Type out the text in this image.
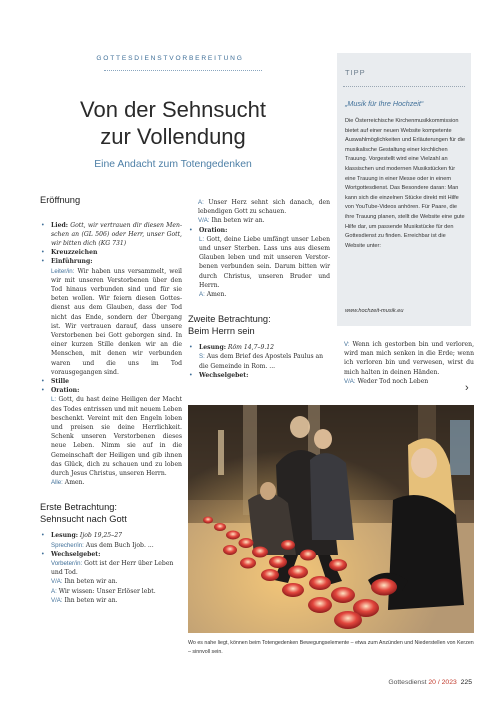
GOTTESDIENSTVORBEREITUNG
Von der Sehnsucht
zur Vollendung
Eine Andacht zum Totengedenken
Eröffnung
• Lied: Gott, wir vertrauen dir diesen Menschen an (GL 506) oder Herr, unser Gott, wir bitten dich (KG 731)
• Kreuzzeichen
• Einführung:
Leiter/in: Wir haben uns versammelt, weil wir mit unseren Verstorbenen über den Tod hinaus verbunden sind und für sie beten wollen. Wir feiern diesen Gottesdienst aus dem Glauben, dass der Tod nicht das Ende, sondern der Übergang ist. Wir vertrauen darauf, dass unsere Verstorbenen bei Gott geborgen sind. In einer kurzen Stille denken wir an die Menschen, mit denen wir verbunden waren und die uns im Tod vorausgegangen sind.
• Stille
• Oration:
L: Gott, du hast deine Heiligen der Macht des Todes entrissen und mit neuem Leben beschenkt. Vereint mit den Engeln loben und preisen sie deine Herrlichkeit. Schenk unseren Verstorbenen dieses neue Leben. Nimm sie auf in die Gemeinschaft der Heiligen und gib ihnen das Glück, dich zu schauen und zu loben durch Jesus Christus, unseren Herrn.
Alle: Amen.
Erste Betrachtung:
Sehnsucht nach Gott
• Lesung: Ijob 19,25–27
Sprecher/in: Aus dem Buch Ijob. ...
• Wechselgebet:
Vorbeter/in: Gott ist der Herr über Leben und Tod.
V/A: Ihn beten wir an.
A: Wir wissen: Unser Erlöser lebt.
V/A: Ihn beten wir an.

A: Unser Herz sehnt sich danach, den lebendigen Gott zu schauen.
V/A: Ihn beten wir an.

• Oration:
L: Gott, deine Liebe umfängt unser Leben und unser Sterben. Lass uns aus diesem Glauben leben und mit unseren Verstorbenen verbunden sein. Darum bitten wir durch Christus, unseren Bruder und Herrn.
A: Amen.
Zweite Betrachtung:
Beim Herrn sein
• Lesung: Röm 14,7–9.12
S: Aus dem Brief des Apostels Paulus an die Gemeinde in Rom. ...
• Wechselgebet:
TIPP
„Musik für Ihre Hochzeit“
Die Österreichische Kirchenmusikkommission bietet auf einer neuen Website kompetente Auswahlmöglichkeiten und Erläuterungen für die musikalische Gestaltung einer kirchlichen Trauung. Vorgestellt wird eine Vielzahl an klassischen und modernen Musikstücken für eine Trauung in einer Messe oder in einem Wortgottesdienst. Das Besondere daran: Man kann sich die einzelnen Stücke direkt mit Hilfe von YouTube-Videos anhören. Für Paare, die ihre Trauung planen, stellt die Website eine gute Hilfe dar, um passende Musikstücke für den Gottesdienst zu finden. Erreichbar ist die Website unter:
www.hochzeit-musik.eu

V: Wenn ich gestorben bin und verloren, wird man mich senken in die Erde; wenn ich verloren bin und verwesen, wirst du mich halten in deinen Händen.
V/A: Weder Tod noch Leben

›
Wo es nahe liegt, können beim Totengedenken Bewegungselemente – etwa zum Anzünden und Niederstellen von Kerzen – sinnvoll sein.
Gottesdienst 20 / 2023 225
